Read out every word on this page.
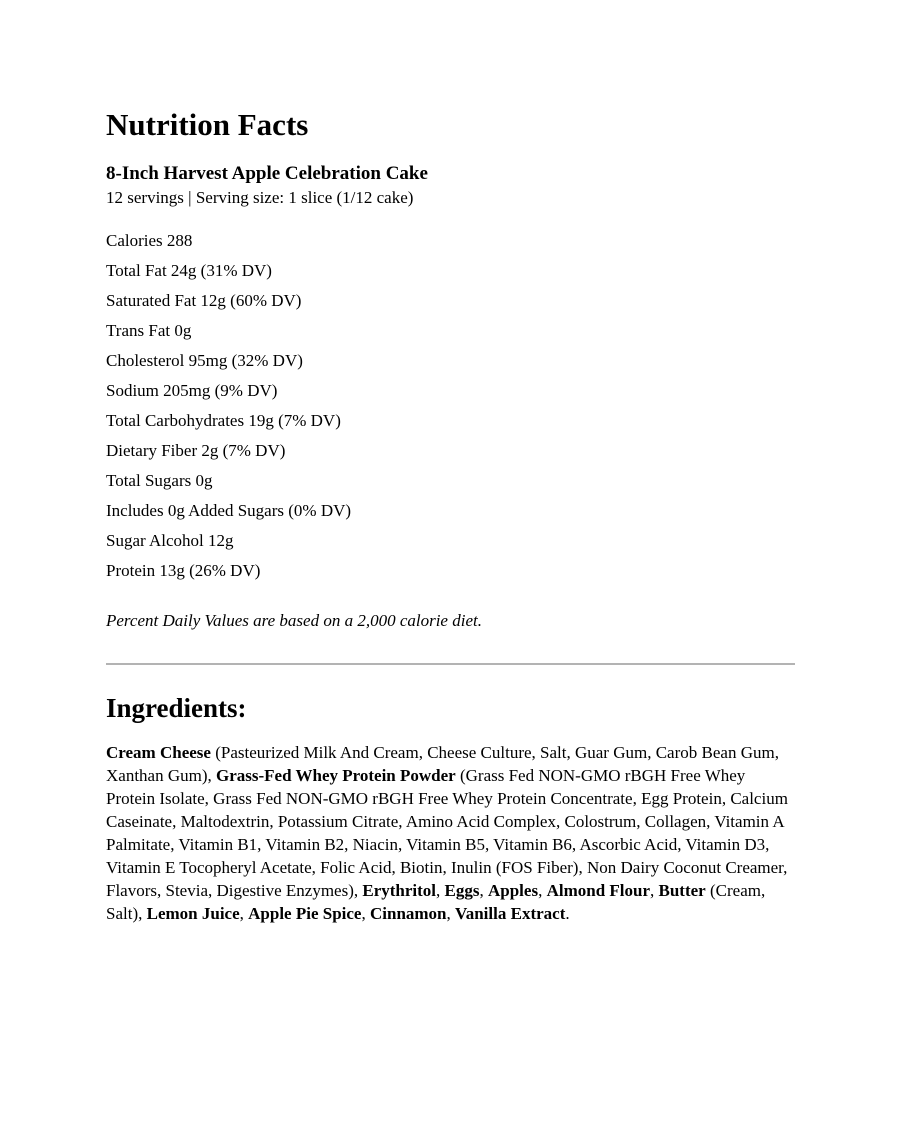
Nutrition Facts
8-Inch Harvest Apple Celebration Cake
12 servings | Serving size: 1 slice (1/12 cake)
Calories 288
Total Fat 24g (31% DV)
Saturated Fat 12g (60% DV)
Trans Fat 0g
Cholesterol 95mg (32% DV)
Sodium 205mg (9% DV)
Total Carbohydrates 19g (7% DV)
Dietary Fiber 2g (7% DV)
Total Sugars 0g
Includes 0g Added Sugars (0% DV)
Sugar Alcohol 12g
Protein 13g (26% DV)

Percent Daily Values are based on a 2,000 calorie diet.

Ingredients:

Cream Cheese (Pasteurized Milk And Cream, Cheese Culture, Salt, Guar Gum, Carob Bean Gum, Xanthan Gum), Grass-Fed Whey Protein Powder (Grass Fed NON-GMO rBGH Free Whey Protein Isolate, Grass Fed NON-GMO rBGH Free Whey Protein Concentrate, Egg Protein, Calcium Caseinate, Maltodextrin, Potassium Citrate, Amino Acid Complex, Colostrum, Collagen, Vitamin A Palmitate, Vitamin B1, Vitamin B2, Niacin, Vitamin B5, Vitamin B6, Ascorbic Acid, Vitamin D3, Vitamin E Tocopheryl Acetate, Folic Acid, Biotin, Inulin (FOS Fiber), Non Dairy Coconut Creamer, Flavors, Stevia, Digestive Enzymes), Erythritol, Eggs, Apples, Almond Flour, Butter (Cream, Salt), Lemon Juice, Apple Pie Spice, Cinnamon, Vanilla Extract.
